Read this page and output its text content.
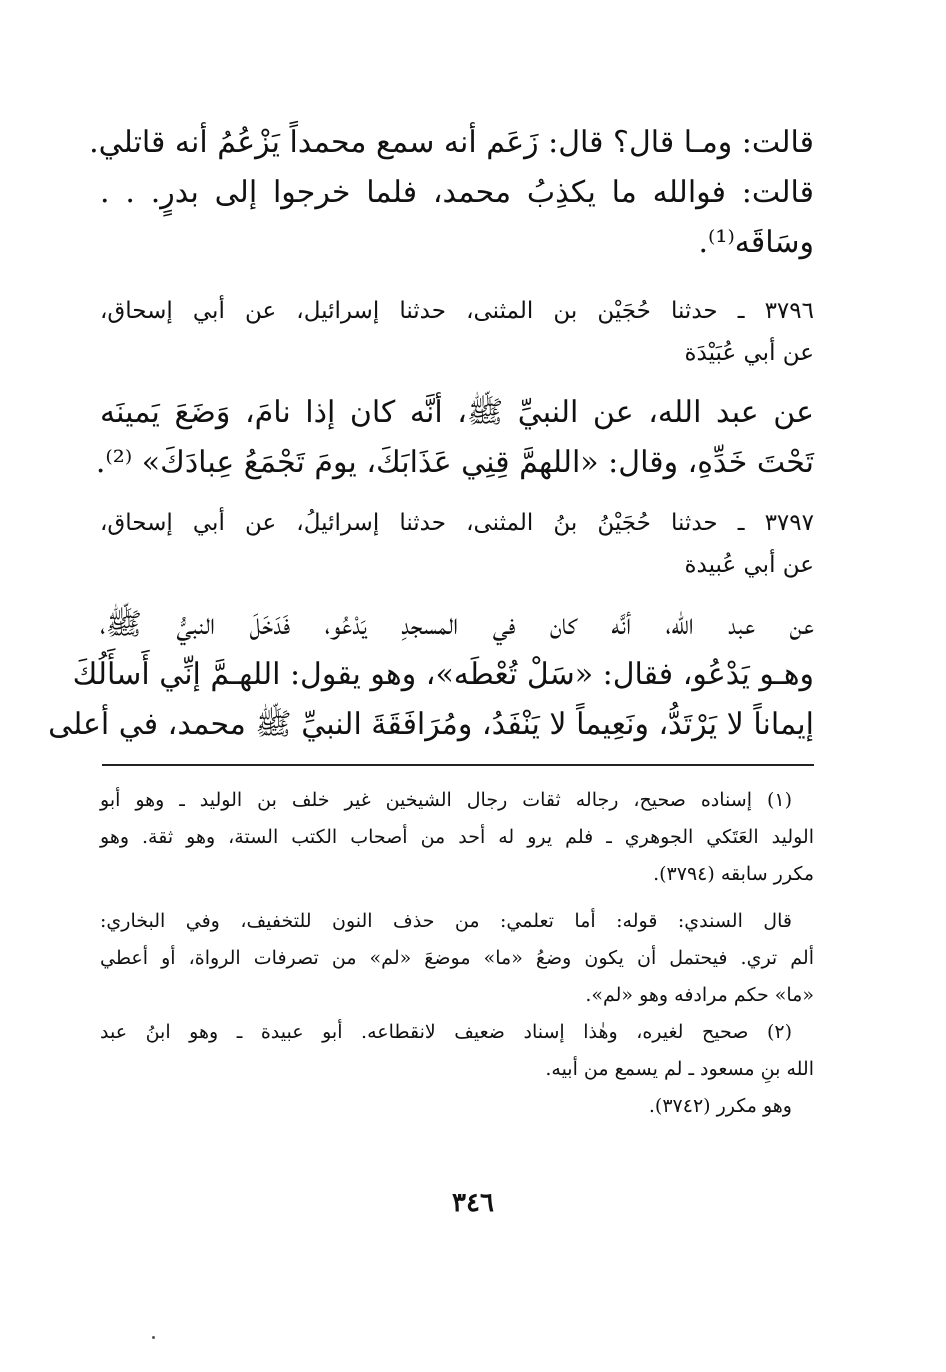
قالت: ومـا قال؟ قال: زَعَم أنه سمع محمداً يَزْعُمُ أنه قاتلي.
قالت: فوالله ما يكذِبُ محمد، فلما خرجوا إلى بدرٍ. . .
وسَاقَه⁽¹⁾.
٣٧٩٦ ـ حدثنا حُجَيْن بن المثنى، حدثنا إسرائيل، عن أبي إسحاق،
عن أبي عُبَيْدَة
عن عبد الله، عن النبيِّ ﷺ، أنَّه كان إذا نامَ، وَضَعَ يَمينَه
تَحْتَ خَدِّهِ، وقال: «اللهمَّ قِنِي عَذَابَكَ، يومَ تَجْمَعُ عِبادَكَ» ⁽²⁾.
٣٧٩٧ ـ حدثنا حُجَيْنُ بنُ المثنى، حدثنا إسرائيلُ، عن أبي إسحاق،
عن أبي عُبيدة
عن عبد الله، أنَّه كان في المسجدِ يَدْعُو، فَدَخَلَ النبيُّ ﷺ،
وهـو يَدْعُو، فقال: «سَلْ تُعْطَه»، وهو يقول: اللهـمَّ إنِّي أَسأَلُكَ
إيماناً لا يَرْتَدُّ، ونَعِيماً لا يَنْفَدُ، ومُرَافَقَةَ النبيِّ ﷺ محمد، في أعلى
(١) إسناده صحيح، رجاله ثقات رجال الشيخين غير خلف بن الوليد ـ وهو أبو
الوليد العَتَكي الجوهري ـ فلم يرو له أحد من أصحاب الكتب الستة، وهو ثقة. وهو
مكرر سابقه (٣٧٩٤).
قال السندي: قوله: أما تعلمي: من حذف النون للتخفيف، وفي البخاري:
ألم تري. فيحتمل أن يكون وضعُ «ما» موضعَ «لم» من تصرفات الرواة، أو أعطي
«ما» حكم مرادفه وهو «لم».
(٢) صحيح لغيره، وهٰذا إسناد ضعيف لانقطاعه. أبو عبيدة ـ وهو ابنُ عبد
الله بنِ مسعود ـ لم يسمع من أبيه.
وهو مكرر (٣٧٤٢).
٣٤٦
